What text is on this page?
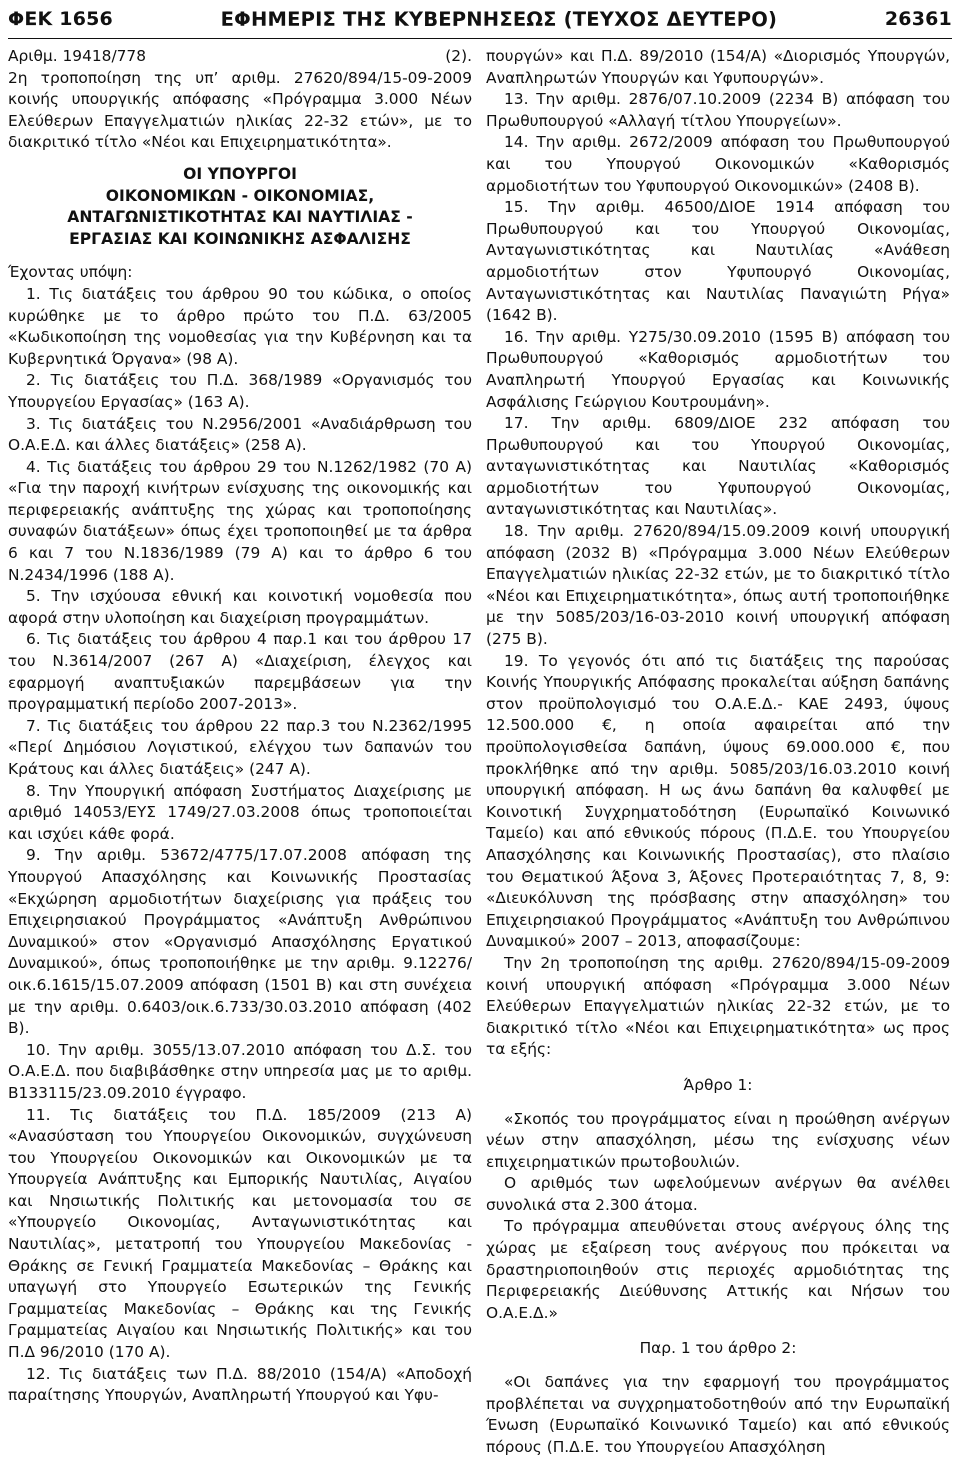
ΦΕΚ 1656	ΕΦΗΜΕΡΙΣ ΤΗΣ ΚΥΒΕΡΝΗΣΕΩΣ (ΤΕΥΧΟΣ ΔΕΥΤΕΡΟ)	26361
Αριθμ. 19418/778	(2).

2η τροποποίηση της υπ’ αριθμ. 27620/894/15-09-2009 κοινής υπουργικής απόφασης «Πρόγραμμα 3.000 Νέων Ελεύθερων Επαγγελματιών ηλικίας 22-32 ετών», με το διακριτικό τίτλο «Νέοι και Επιχειρηματικότητα».

ΟΙ ΥΠΟΥΡΓΟΙ
ΟΙΚΟΝΟΜΙΚΩΝ - ΟΙΚΟΝΟΜΙΑΣ,
ΑΝΤΑΓΩΝΙΣΤΙΚΟΤΗΤΑΣ ΚΑΙ ΝΑΥΤΙΛΙΑΣ -
ΕΡΓΑΣΙΑΣ ΚΑΙ ΚΟΙΝΩΝΙΚΗΣ ΑΣΦΑΛΙΣΗΣ

Έχοντας υπόψη:

1. Τις διατάξεις του άρθρου 90 του κώδικα, ο οποίος κυρώθηκε με το άρθρο πρώτο του Π.Δ. 63/2005 «Κωδικοποίηση της νομοθεσίας για την Κυβέρνηση και τα Κυβερνητικά Όργανα» (98 Α).

2. Τις διατάξεις του Π.Δ. 368/1989 «Οργανισμός του Υπουργείου Εργασίας» (163 Α).

3. Τις διατάξεις του Ν.2956/2001 «Αναδιάρθρωση του Ο.Α.Ε.Δ. και άλλες διατάξεις» (258 Α).

4. Τις διατάξεις του άρθρου 29 του Ν.1262/1982 (70 Α) «Για την παροχή κινήτρων ενίσχυσης της οικονομικής και περιφερειακής ανάπτυξης της χώρας και τροποποίησης συναφών διατάξεων» όπως έχει τροποποιηθεί με τα άρθρα 6 και 7 του Ν.1836/1989 (79 Α) και το άρθρο 6 του Ν.2434/1996 (188 Α).

5. Την ισχύουσα εθνική και κοινοτική νομοθεσία που αφορά στην υλοποίηση και διαχείριση προγραμμάτων.

6. Τις διατάξεις του άρθρου 4 παρ.1 και του άρθρου 17 του Ν.3614/2007 (267 Α) «Διαχείριση, έλεγχος και εφαρμογή αναπτυξιακών παρεμβάσεων για την προγραμματική περίοδο 2007-2013».

7. Τις διατάξεις του άρθρου 22 παρ.3 του Ν.2362/1995 «Περί Δημόσιου Λογιστικού, ελέγχου των δαπανών του Κράτους και άλλες διατάξεις» (247 Α).

8. Την Υπουργική απόφαση Συστήματος Διαχείρισης με αριθμό 14053/ΕΥΣ 1749/27.03.2008 όπως τροποποιείται και ισχύει κάθε φορά.

9. Την αριθμ. 53672/4775/17.07.2008 απόφαση της Υπουργού Απασχόλησης και Κοινωνικής Προστασίας «Εκχώρηση αρμοδιοτήτων διαχείρισης για πράξεις του Επιχειρησιακού Προγράμματος «Ανάπτυξη Ανθρώπινου Δυναμικού» στον «Οργανισμό Απασχόλησης Εργατικού Δυναμικού», όπως τροποποιήθηκε με την αριθμ. 9.12276/οικ.6.1615/15.07.2009 απόφαση (1501 Β) και στη συνέχεια με την αριθμ. 0.6403/οικ.6.733/30.03.2010 απόφαση (402 Β).

10. Την αριθμ. 3055/13.07.2010 απόφαση του Δ.Σ. του Ο.Α.Ε.Δ. που διαβιβάσθηκε στην υπηρεσία μας με το αριθμ. Β133115/23.09.2010 έγγραφο.

11. Τις διατάξεις του Π.Δ. 185/2009 (213 Α) «Ανασύσταση του Υπουργείου Οικονομικών, συγχώνευση του Υπουργείου Οικονομικών και Οικονομικών με τα Υπουργεία Ανάπτυξης και Εμπορικής Ναυτιλίας, Αιγαίου και Νησιωτικής Πολιτικής και μετονομασία του σε «Υπουργείο Οικονομίας, Ανταγωνιστικότητας και Ναυτιλίας», μετατροπή του Υπουργείου Μακεδονίας - Θράκης σε Γενική Γραμματεία Μακεδονίας – Θράκης και υπαγωγή στο Υπουργείο Εσωτερικών της Γενικής Γραμματείας Μακεδονίας – Θράκης και της Γενικής Γραμματείας Αιγαίου και Νησιωτικής Πολιτικής» και του Π.Δ 96/2010 (170 Α).

12. Τις διατάξεις των Π.Δ. 88/2010 (154/Α) «Αποδοχή παραίτησης Υπουργών, Αναπληρωτή Υπουργού και Υφυ-

πουργών» και Π.Δ. 89/2010 (154/Α) «Διορισμός Υπουργών, Αναπληρωτών Υπουργών και Υφυπουργών».

13. Την αριθμ. 2876/07.10.2009 (2234 Β) απόφαση του Πρωθυπουργού «Αλλαγή τίτλου Υπουργείων».

14. Την αριθμ. 2672/2009 απόφαση του Πρωθυπουργού και του Υπουργού Οικονομικών «Καθορισμός αρμοδιοτήτων του Υφυπουργού Οικονομικών» (2408 Β).

15. Την αριθμ. 46500/ΔΙΟΕ 1914 απόφαση του Πρωθυπουργού και του Υπουργού Οικονομίας, Ανταγωνιστικότητας και Ναυτιλίας «Ανάθεση αρμοδιοτήτων στον Υφυπουργό Οικονομίας, Ανταγωνιστικότητας και Ναυτιλίας Παναγιώτη Ρήγα» (1642 Β).

16. Την αριθμ. Υ275/30.09.2010 (1595 Β) απόφαση του Πρωθυπουργού «Καθορισμός αρμοδιοτήτων του Αναπληρωτή Υπουργού Εργασίας και Κοινωνικής Ασφάλισης Γεώργιου Κουτρουμάνη».

17. Την αριθμ. 6809/ΔΙΟΕ 232 απόφαση του Πρωθυπουργού και του Υπουργού Οικονομίας, ανταγωνιστικότητας και Ναυτιλίας «Καθορισμός αρμοδιοτήτων του Υφυπουργού Οικονομίας, ανταγωνιστικότητας και Ναυτιλίας».

18. Την αριθμ. 27620/894/15.09.2009 κοινή υπουργική απόφαση (2032 Β) «Πρόγραμμα 3.000 Νέων Ελεύθερων Επαγγελματιών ηλικίας 22-32 ετών, με το διακριτικό τίτλο «Νέοι και Επιχειρηματικότητα», όπως αυτή τροποποιήθηκε με την 5085/203/16-03-2010 κοινή υπουργική απόφαση (275 Β).

19. Το γεγονός ότι από τις διατάξεις της παρούσας Κοινής Υπουργικής Απόφασης προκαλείται αύξηση δαπάνης στον προϋπολογισμό του Ο.Α.Ε.Δ.- ΚΑΕ 2493, ύψους 12.500.000 €, η οποία αφαιρείται από την προϋπολογισθείσα δαπάνη, ύψους 69.000.000 €, που προκλήθηκε από την αριθμ. 5085/203/16.03.2010 κοινή υπουργική απόφαση. Η ως άνω δαπάνη θα καλυφθεί με Κοινοτική Συγχρηματοδότηση (Ευρωπαϊκό Κοινωνικό Ταμείο) και από εθνικούς πόρους (Π.Δ.Ε. του Υπουργείου Απασχόλησης και Κοινωνικής Προστασίας), στο πλαίσιο του Θεματικού Άξονα 3, Άξονες Προτεραιότητας 7, 8, 9: «Διευκόλυνση της πρόσβασης στην απασχόληση» του Επιχειρησιακού Προγράμματος «Ανάπτυξη του Ανθρώπινου Δυναμικού» 2007 – 2013, αποφασίζουμε:

Την 2η τροποποίηση της αριθμ. 27620/894/15-09-2009 κοινή υπουργική απόφαση «Πρόγραμμα 3.000 Νέων Ελεύθερων Επαγγελματιών ηλικίας 22-32 ετών, με το διακριτικό τίτλο «Νέοι και Επιχειρηματικότητα» ως προς τα εξής:

Άρθρο 1:

«Σκοπός του προγράμματος είναι η προώθηση ανέργων νέων στην απασχόληση, μέσω της ενίσχυσης νέων επιχειρηματικών πρωτοβουλιών.

Ο αριθμός των ωφελούμενων ανέργων θα ανέλθει συνολικά στα 2.300 άτομα.

Το πρόγραμμα απευθύνεται στους ανέργους όλης της χώρας με εξαίρεση τους ανέργους που πρόκειται να δραστηριοποιηθούν στις περιοχές αρμοδιότητας της Περιφερειακής Διεύθυνσης Αττικής και Νήσων του Ο.Α.Ε.Δ.»

Παρ. 1 του άρθρο 2:

«Οι δαπάνες για την εφαρμογή του προγράμματος προβλέπεται να συγχρηματοδοτηθούν από την Ευρωπαϊκή Ένωση (Ευρωπαϊκό Κοινωνικό Ταμείο) και από εθνικούς πόρους (Π.Δ.Ε. του Υπουργείου Απασχόληση
